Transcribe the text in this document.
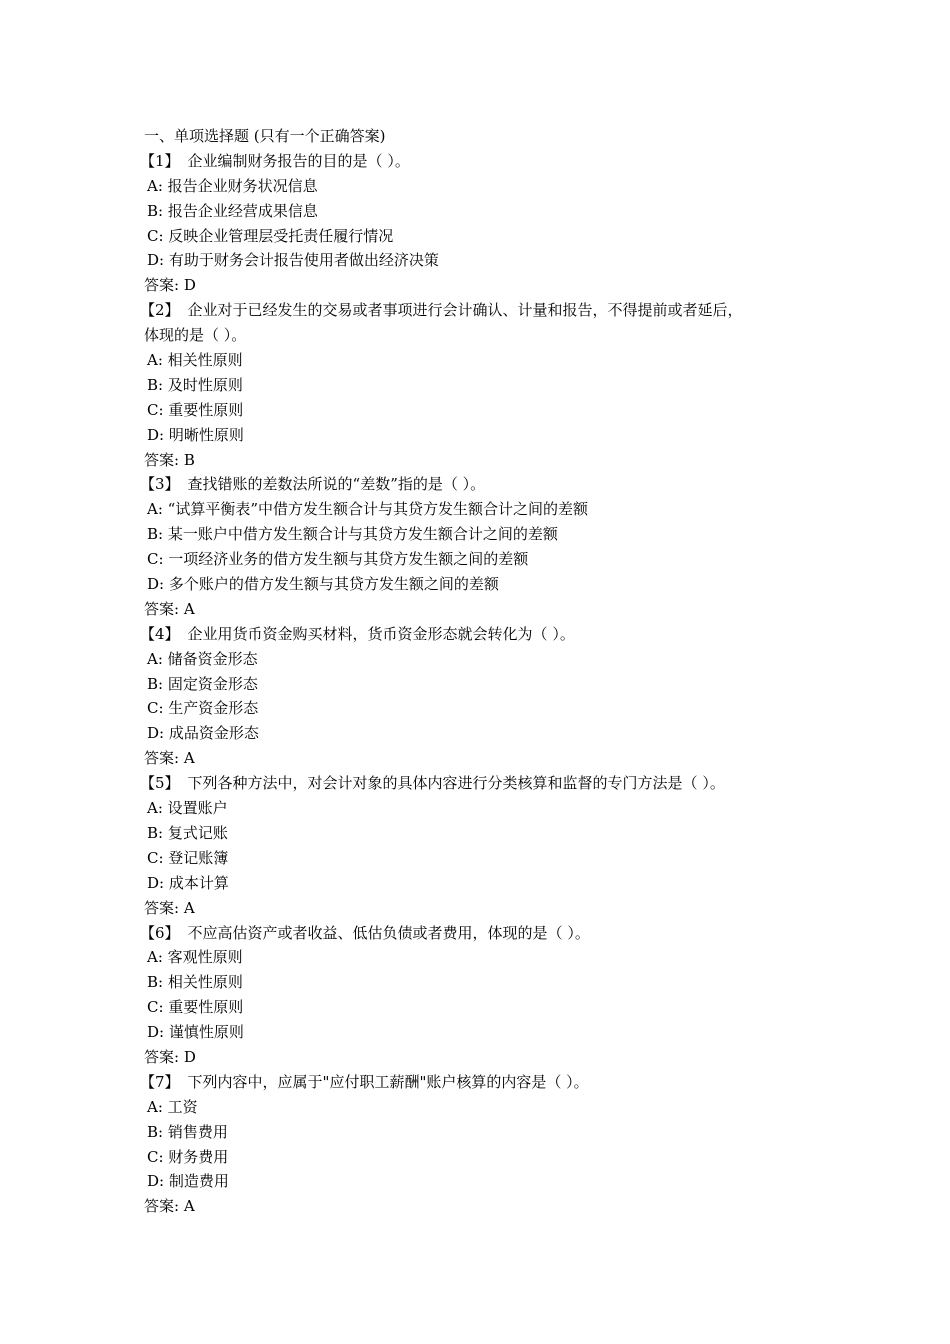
一、单项选择题 (只有一个正确答案)
【1】 企业编制财务报告的目的是（ ）。
A: 报告企业财务状况信息
B: 报告企业经营成果信息
C: 反映企业管理层受托责任履行情况
D: 有助于财务会计报告使用者做出经济决策
答案: D
【2】 企业对于已经发生的交易或者事项进行会计确认、计量和报告，不得提前或者延后，
体现的是（ ）。
A: 相关性原则
B: 及时性原则
C: 重要性原则
D: 明晰性原则
答案: B
【3】 查找错账的差数法所说的“差数”指的是（ ）。
A: “试算平衡表”中借方发生额合计与其贷方发生额合计之间的差额
B: 某一账户中借方发生额合计与其贷方发生额合计之间的差额
C: 一项经济业务的借方发生额与其贷方发生额之间的差额
D: 多个账户的借方发生额与其贷方发生额之间的差额
答案: A
【4】 企业用货币资金购买材料，货币资金形态就会转化为（ ）。
A: 储备资金形态
B: 固定资金形态
C: 生产资金形态
D: 成品资金形态
答案: A
【5】 下列各种方法中，对会计对象的具体内容进行分类核算和监督的专门方法是（ ）。
A: 设置账户
B: 复式记账
C: 登记账簿
D: 成本计算
答案: A
【6】 不应高估资产或者收益、低估负债或者费用，体现的是（ ）。
A: 客观性原则
B: 相关性原则
C: 重要性原则
D: 谨慎性原则
答案: D
【7】 下列内容中，应属于"应付职工薪酬"账户核算的内容是（ ）。
A: 工资
B: 销售费用
C: 财务费用
D: 制造费用
答案: A
